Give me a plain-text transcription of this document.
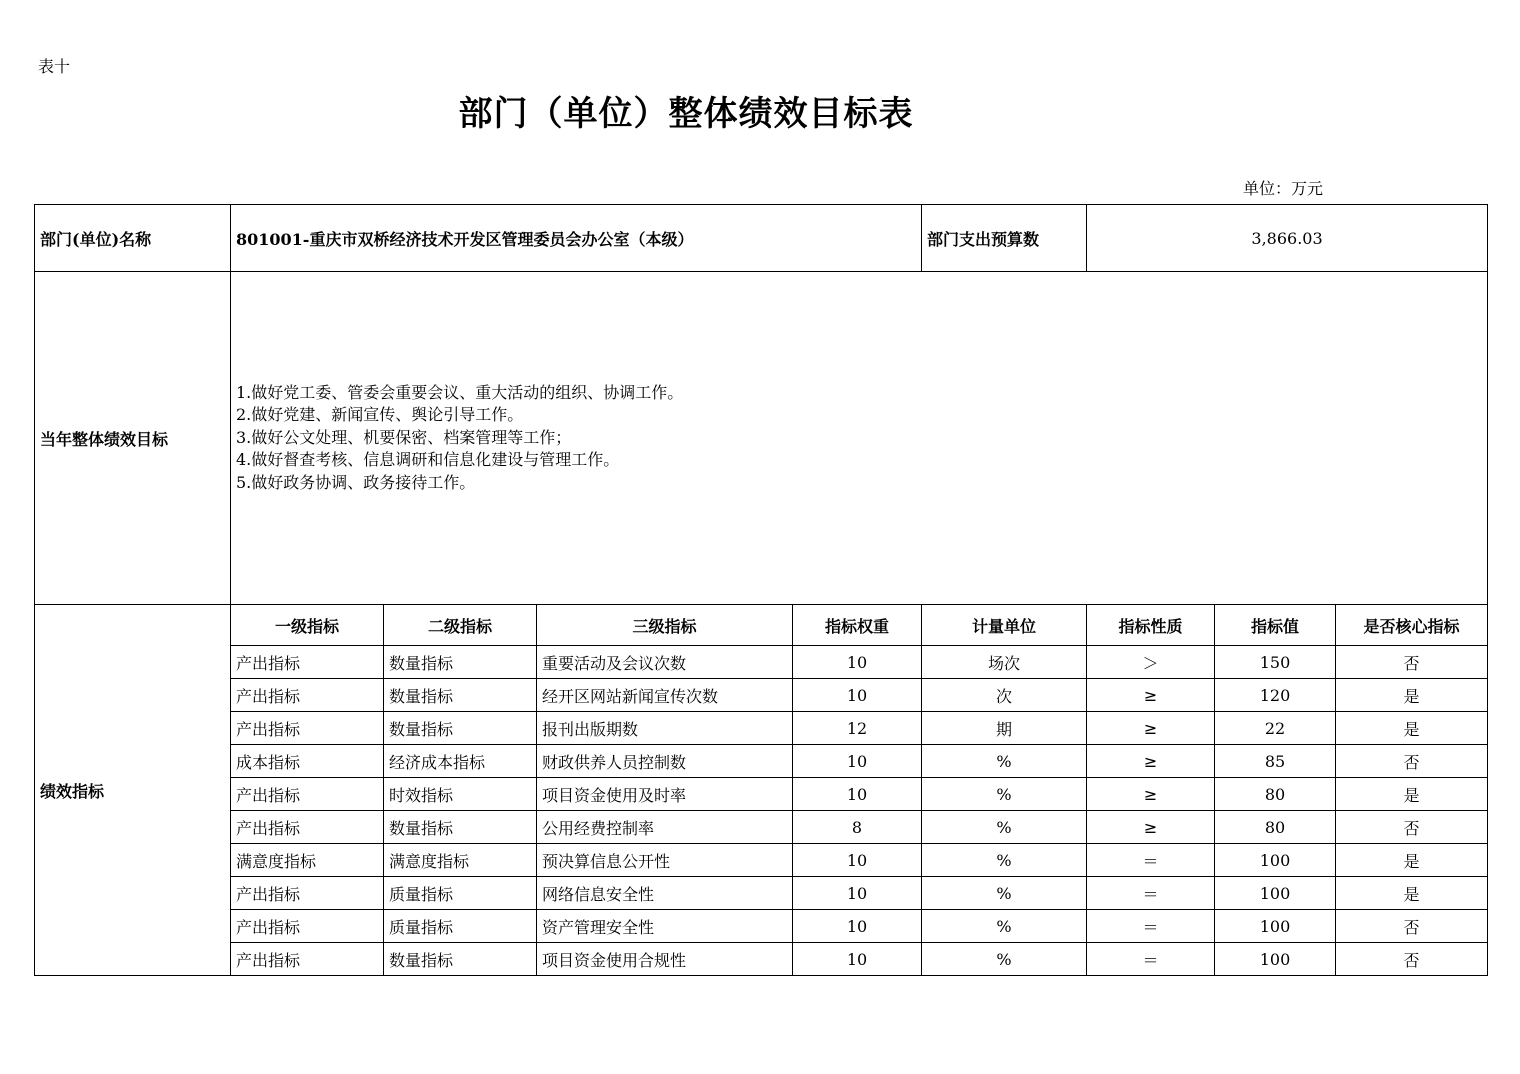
表十
部门（单位）整体绩效目标表
单位：万元
部门(单位)名称	801001-重庆市双桥经济技术开发区管理委员会办公室（本级）				部门支出预算数	3,866.03		
当年整体绩效目标	1.做好党工委、管委会重要会议、重大活动的组织、协调工作。
2.做好党建、新闻宣传、舆论引导工作。
3.做好公文处理、机要保密、档案管理等工作；
4.做好督查考核、信息调研和信息化建设与管理工作。
5.做好政务协调、政务接待工作。							

绩效指标	一级指标	二级指标	三级指标	指标权重	计量单位	指标性质	指标值	是否核心指标
	产出指标	数量指标	重要活动及会议次数	10	场次	＞	150	否
	产出指标	数量指标	经开区网站新闻宣传次数	10	次	≥	120	是
	产出指标	数量指标	报刊出版期数	12	期	≥	22	是
	成本指标	经济成本指标	财政供养人员控制数	10	%	≥	85	否
	产出指标	时效指标	项目资金使用及时率	10	%	≥	80	是
	产出指标	数量指标	公用经费控制率	8	%	≥	80	否
	满意度指标	满意度指标	预决算信息公开性	10	%	＝	100	是
	产出指标	质量指标	网络信息安全性	10	%	＝	100	是
	产出指标	质量指标	资产管理安全性	10	%	＝	100	否
	产出指标	数量指标	项目资金使用合规性	10	%	＝	100	否
